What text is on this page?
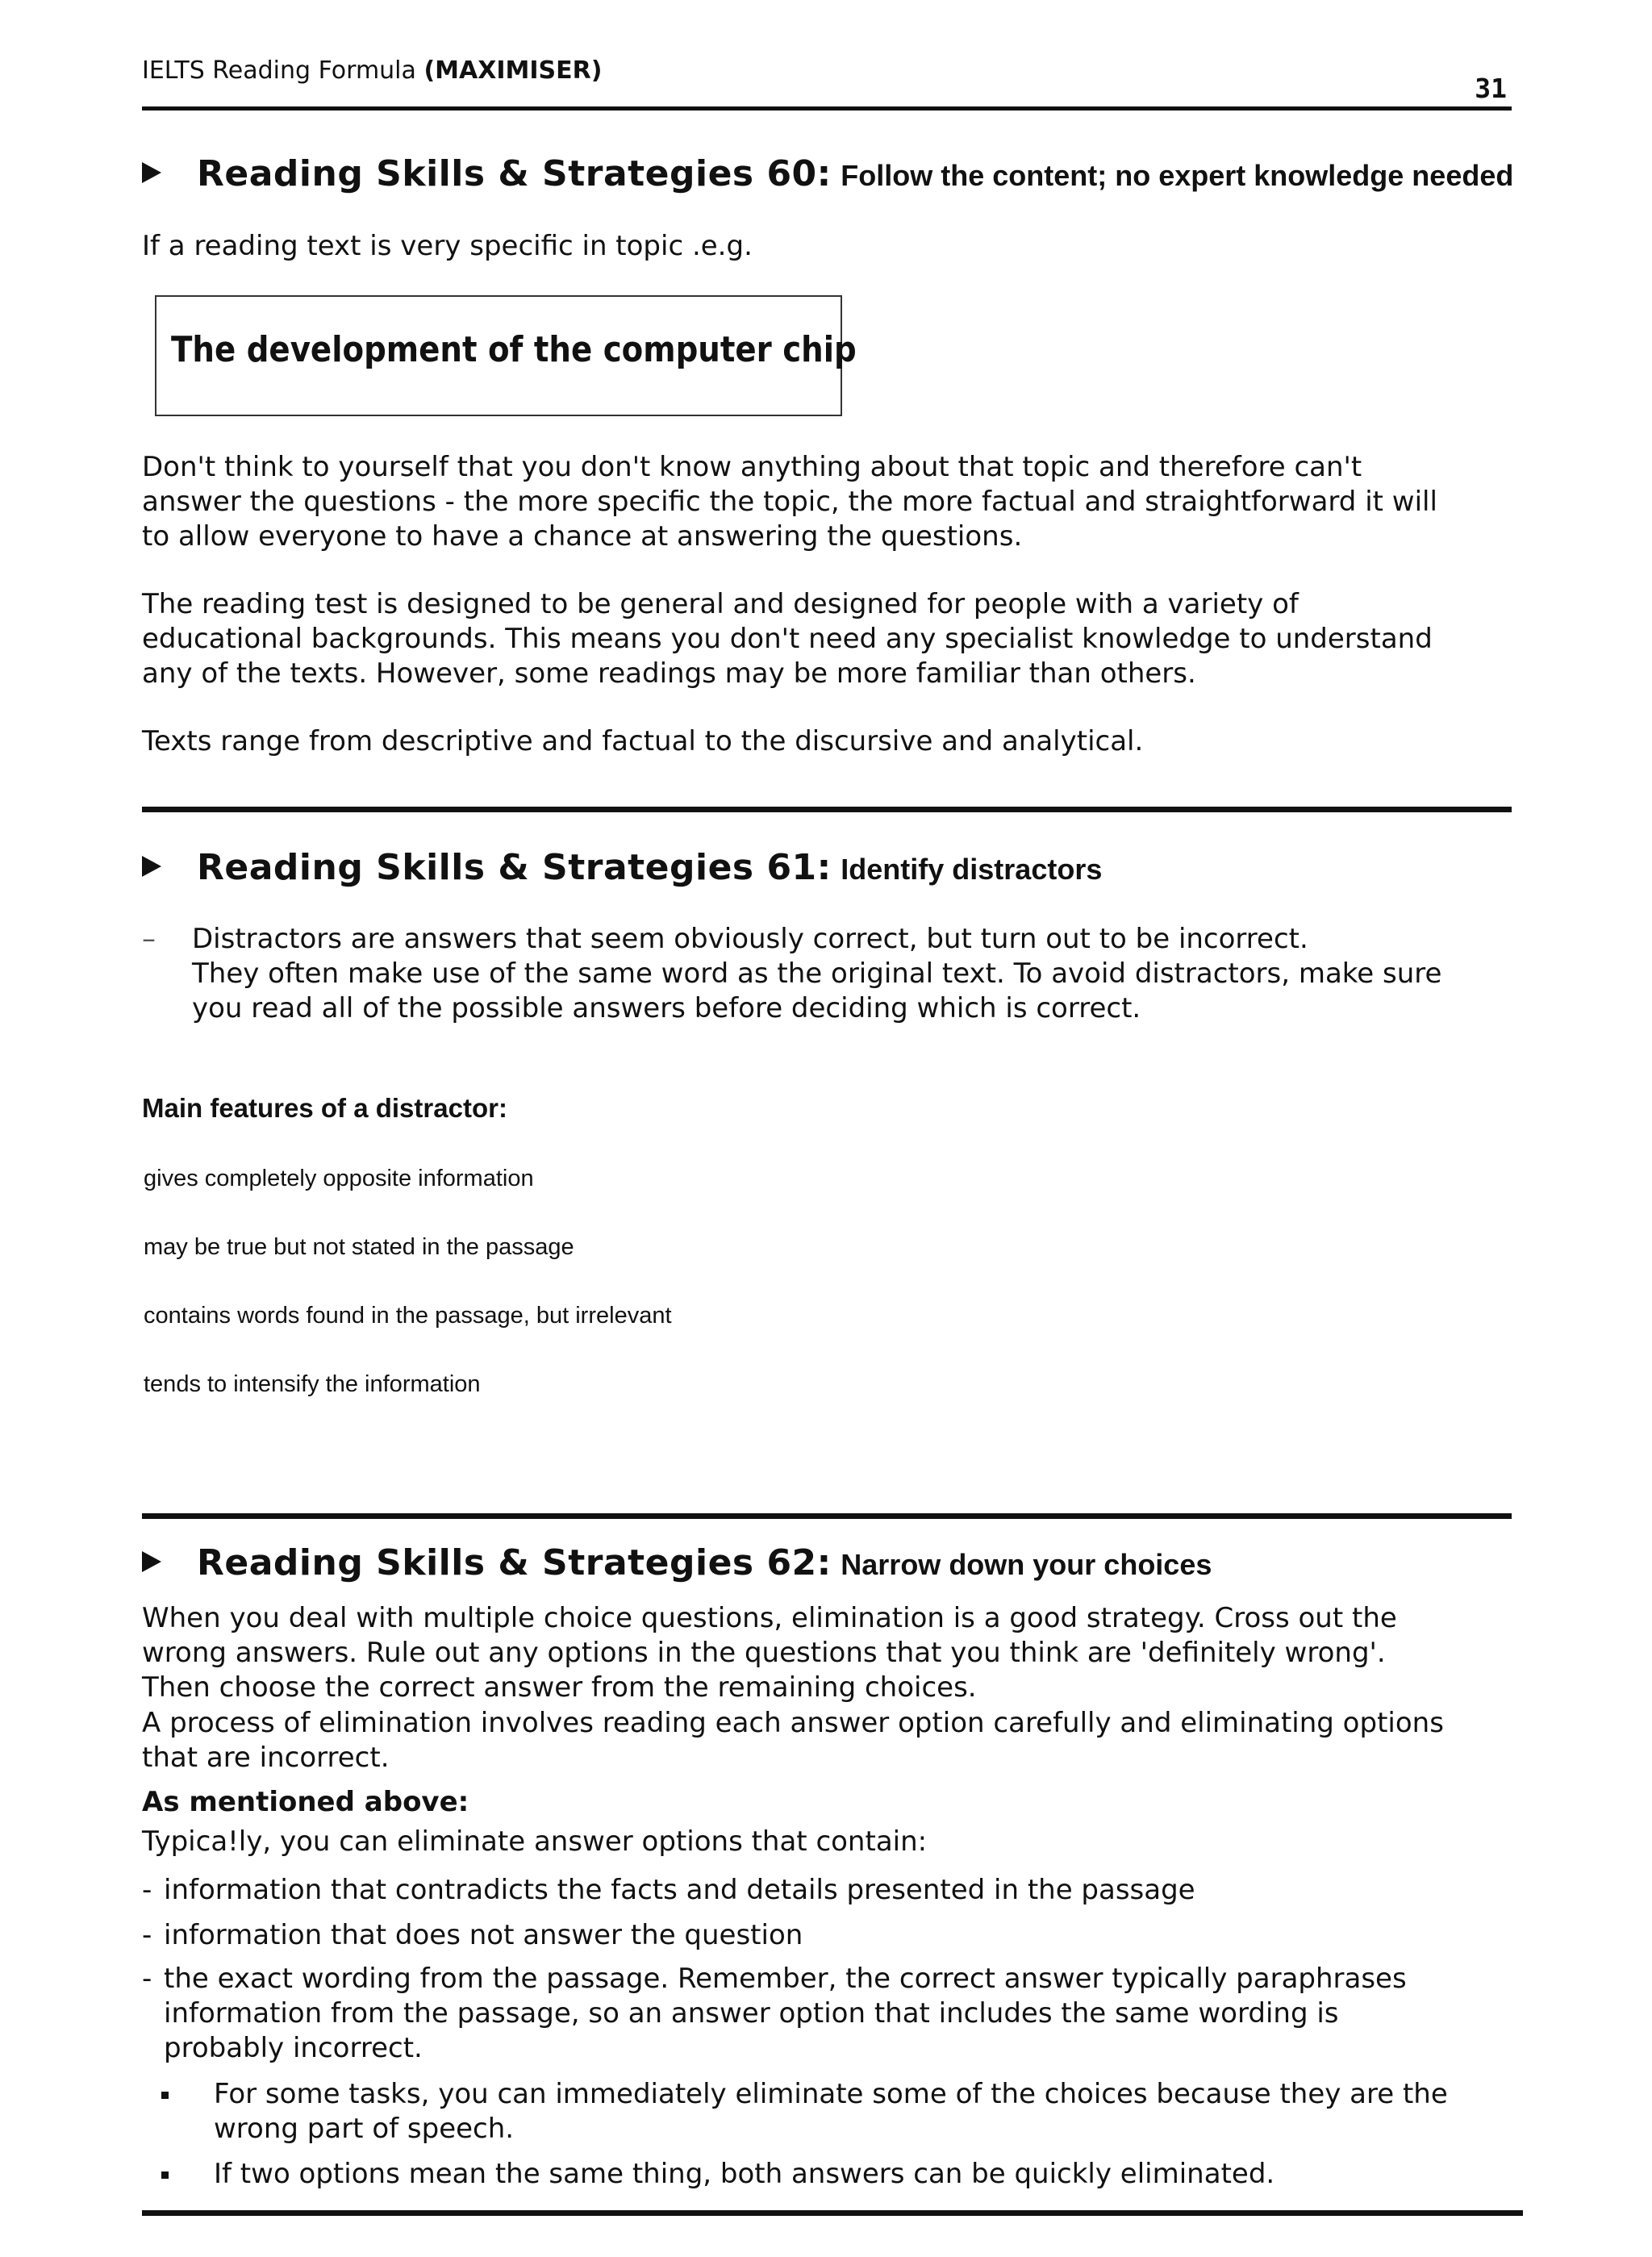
IELTS Reading Formula (MAXIMISER)
31
Reading Skills & Strategies 60 : Follow the content; no expert knowledge needed
If a reading text is very specific in topic .e.g.
The development of the computer chip
Don't think to yourself that you don't know anything about that topic and therefore can't
answer the questions - the more specific the topic, the more factual and straightforward it will
to allow everyone to have a chance at answering the questions.
The reading test is designed to be general and designed for people with a variety of
educational backgrounds. This means you don't need any specialist knowledge to understand
any of the texts. However, some readings may be more familiar than others.
Texts range from descriptive and factual to the discursive and analytical.
Reading Skills & Strategies 61 : Identify distractors
– Distractors are answers that seem obviously correct, but turn out to be incorrect.
They often make use of the same word as the original text. To avoid distractors, make sure
you read all of the possible answers before deciding which is correct.
Main features of a distractor:
gives completely opposite information
may be true but not stated in the passage
contains words found in the passage, but irrelevant
tends to intensify the information
Reading Skills & Strategies 62 : Narrow down your choices
When you deal with multiple choice questions, elimination is a good strategy. Cross out the
wrong answers. Rule out any options in the questions that you think are 'definitely wrong'.
Then choose the correct answer from the remaining choices.
A process of elimination involves reading each answer option carefully and eliminating options
that are incorrect.
As mentioned above:
Typica!ly, you can eliminate answer options that contain:
- information that contradicts the facts and details presented in the passage
- information that does not answer the question
- the exact wording from the passage. Remember, the correct answer typically paraphrases
information from the passage, so an answer option that includes the same wording is
probably incorrect.
For some tasks, you can immediately eliminate some of the choices because they are the
wrong part of speech.
If two options mean the same thing, both answers can be quickly eliminated.
